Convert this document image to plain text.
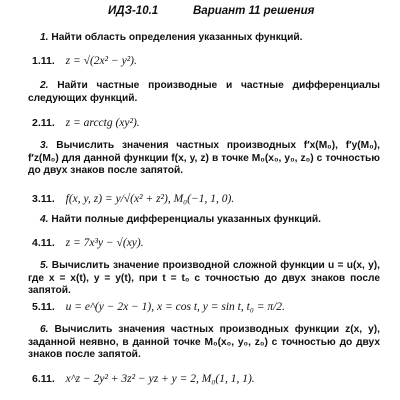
ИДЗ-10.1	Вариант 11 решения
1. Найти область определения указанных функций.
1.11. z = √(2x² − y²).
2. Найти частные производные и частные дифференциалы следующих функций.
2.11. z = arcctg (xy²).
3. Вычислить значения частных производных f′x(M₀), f′y(M₀), f′z(M₀) для данной функции f(x, y, z) в точке M₀(x₀, y₀, z₀) с точностью до двух знаков после запятой.
3.11. f(x, y, z) = y/√(x² + z²), M₀(−1, 1, 0).
4. Найти полные дифференциалы указанных функций.
4.11. z = 7x³y − √(xy).
5. Вычислить значение производной сложной функции u = u(x, y), где x = x(t), y = y(t), при t = t₀ с точностью до двух знаков после запятой.
5.11. u = e^(y − 2x − 1), x = cos t, y = sin t, t₀ = π/2.
6. Вычислить значения частных производных функции z(x, y), заданной неявно, в данной точке M₀(x₀, y₀, z₀) с точностью до двух знаков после запятой.
6.11. x^z − 2y² + 3z² − yz + y = 2, M₀(1, 1, 1).
